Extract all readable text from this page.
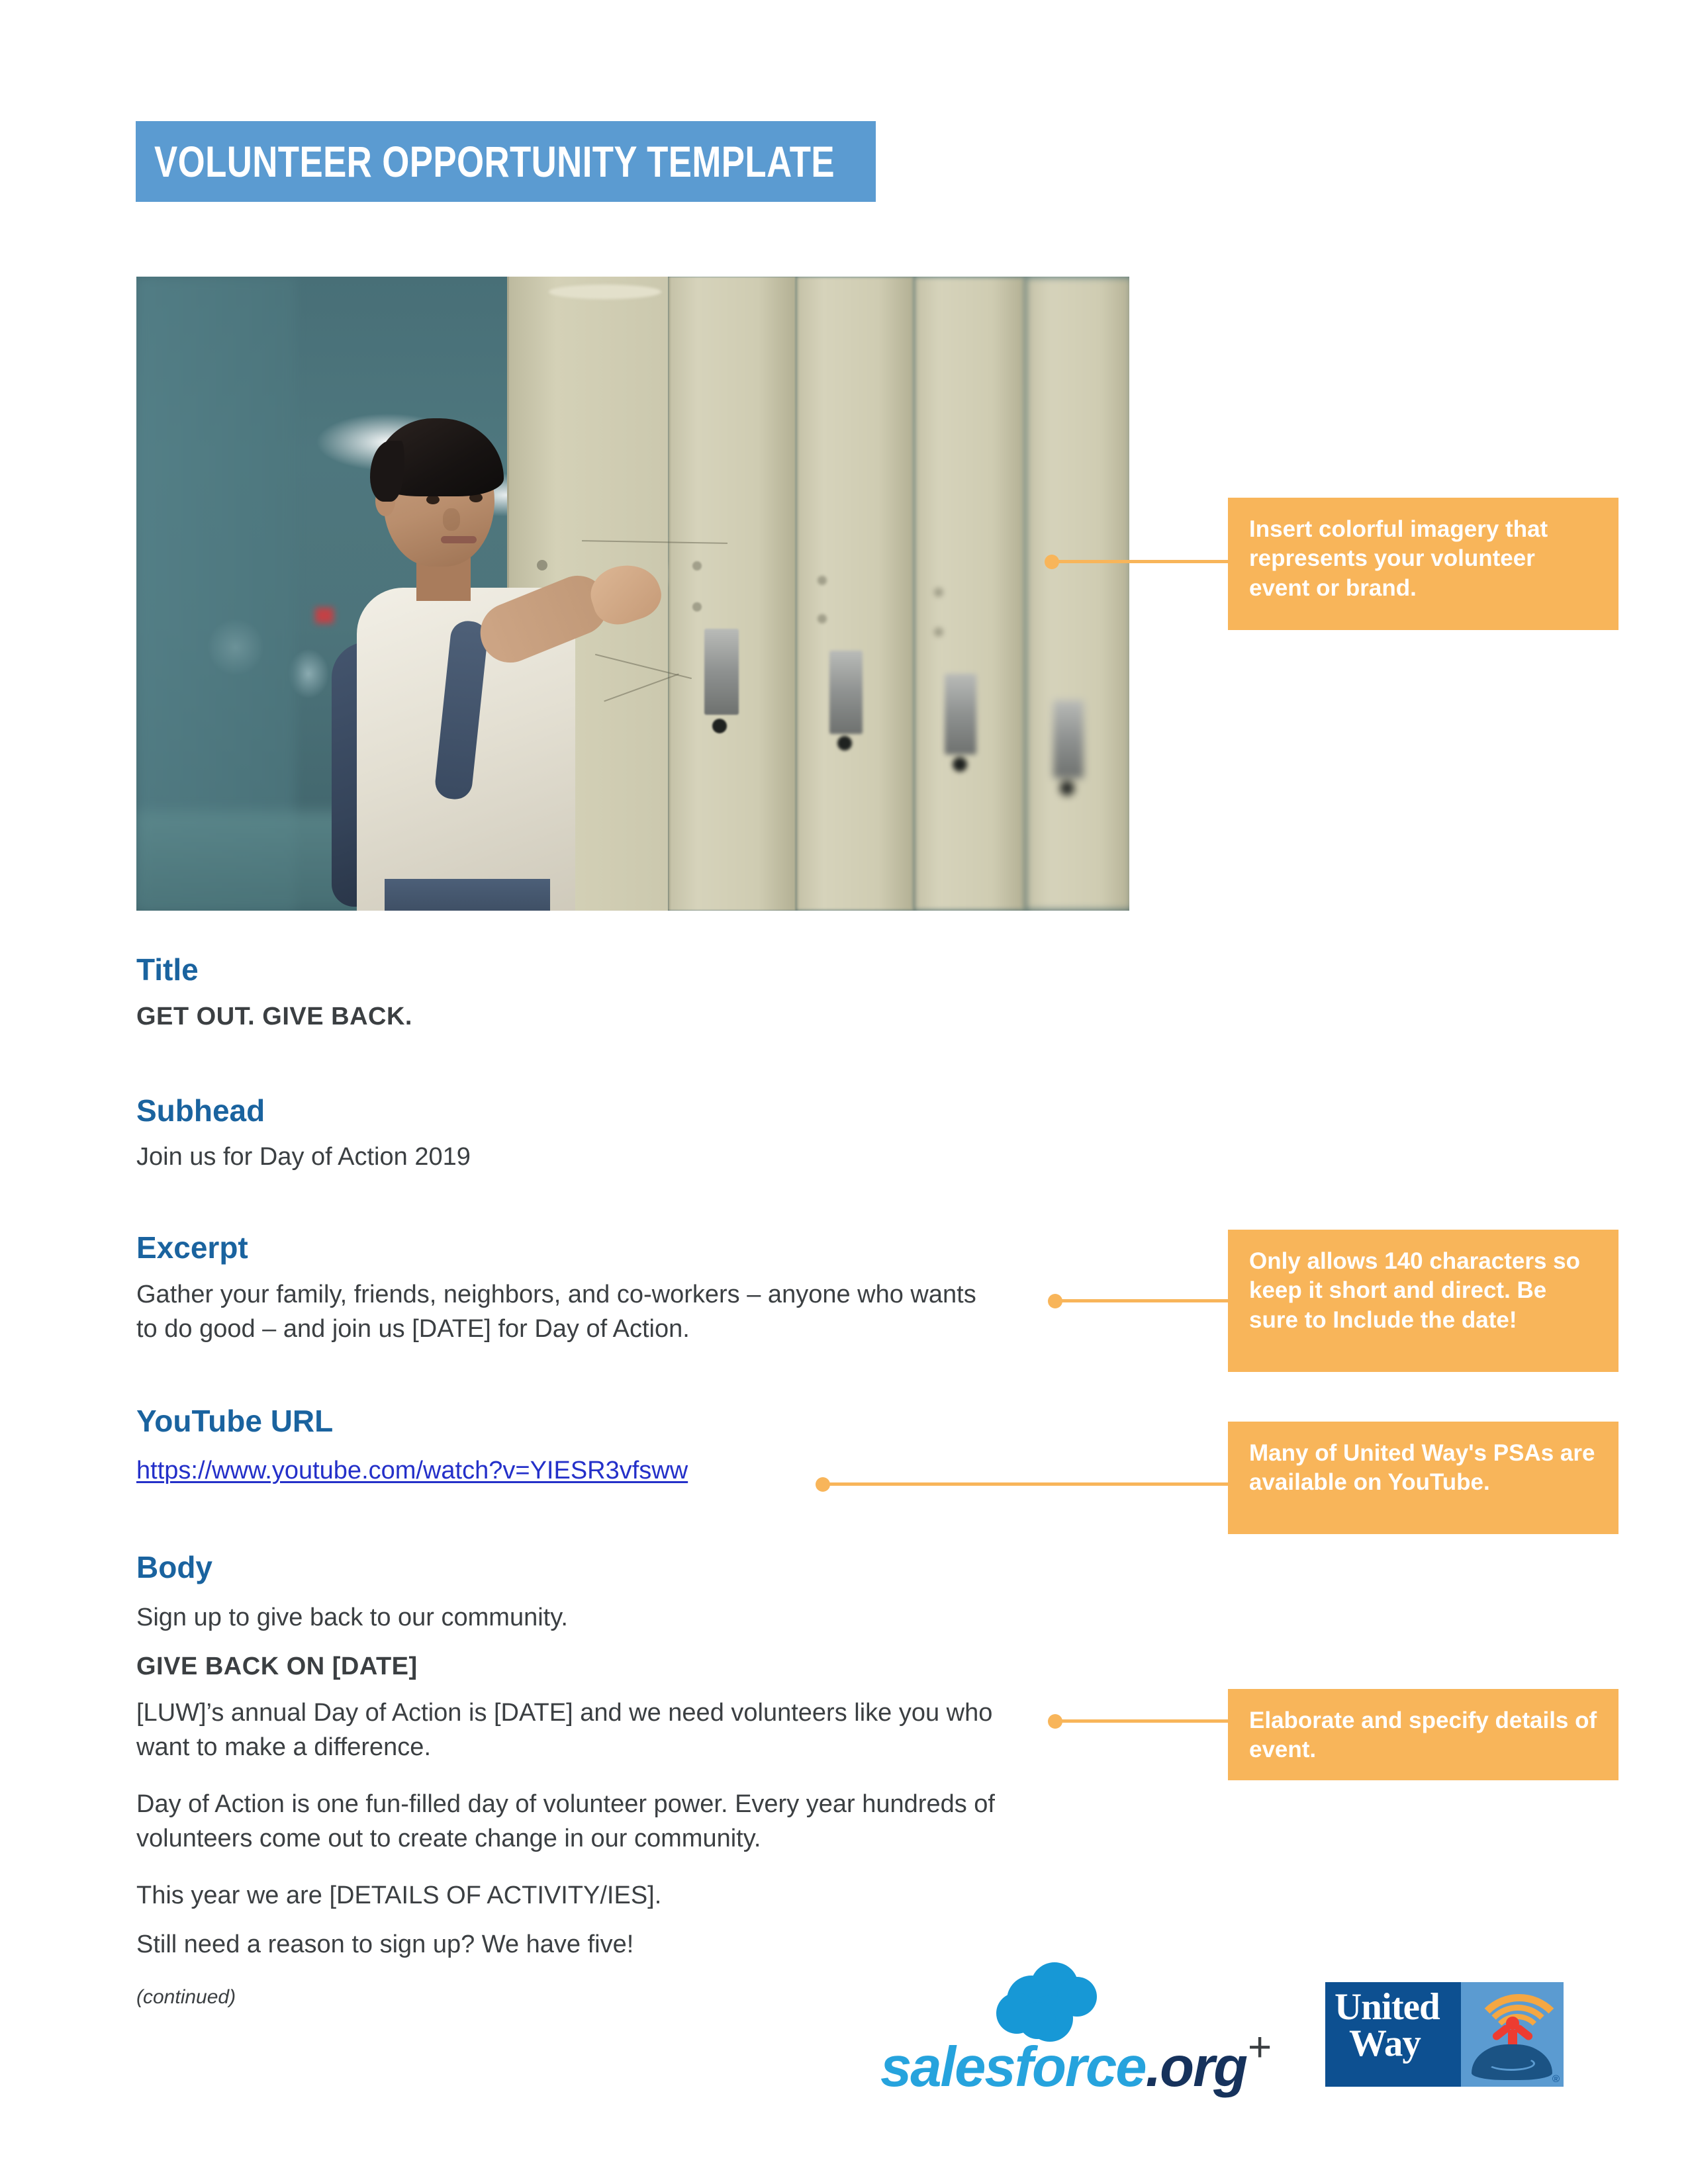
VOLUNTEER OPPORTUNITY TEMPLATE
Insert colorful imagery that represents your volunteer event or brand.
Title
GET OUT. GIVE BACK.
Subhead
Join us for Day of Action 2019
Excerpt
Gather your family, friends, neighbors, and co-workers – anyone who wants to do good – and join us [DATE] for Day of Action.
Only allows 140 characters so keep it short and direct. Be sure to Include the date!
YouTube URL
https://www.youtube.com/watch?v=YIESR3vfsww
Many of United Way's PSAs are available on YouTube.
Body
Sign up to give back to our community.
GIVE BACK ON [DATE]
[LUW]’s annual Day of Action is [DATE] and we need volunteers like you who want to make a difference.
Day of Action is one fun-filled day of volunteer power. Every year hundreds of volunteers come out to create change in our community.
This year we are [DETAILS OF ACTIVITY/IES].
Still need a reason to sign up? We have five!
(continued)
Elaborate and specify details of event.
salesforce.org +
United
Way
®
